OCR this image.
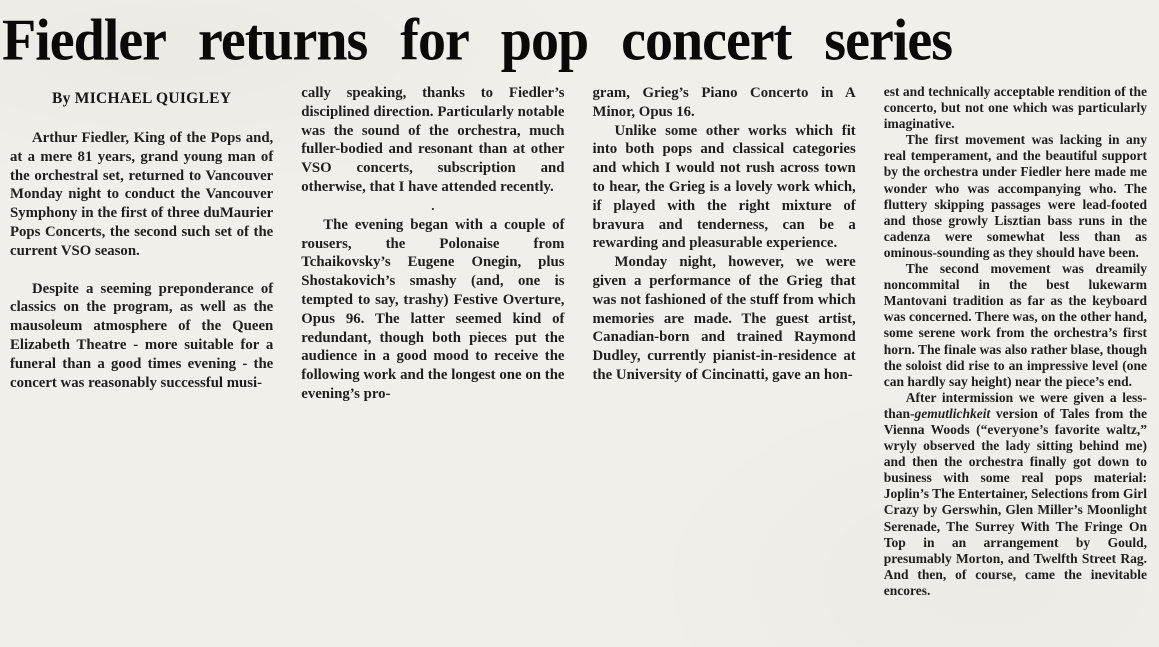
Fiedler returns for pop concert series
By MICHAEL QUIGLEY

Arthur Fiedler, King of the Pops and, at a mere 81 years, grand young man of the orchestral set, returned to Vancouver Monday night to conduct the Vancouver Symphony in the first of three duMaurier Pops Concerts, the second such set of the current VSO season.

Despite a seeming preponderance of classics on the program, as well as the mausoleum atmosphere of the Queen Elizabeth Theatre - more suitable for a funeral than a good times evening - the concert was reasonably successful musi-

cally speaking, thanks to Fiedler’s disciplined direction. Particularly notable was the sound of the orchestra, much fuller-bodied and resonant than at other VSO concerts, subscription and otherwise, that I have attended recently.

.

The evening began with a couple of rousers, the Polonaise from Tchaikovsky’s Eugene Onegin, plus Shostakovich’s smashy (and, one is tempted to say, trashy) Festive Overture, Opus 96. The latter seemed kind of redundant, though both pieces put the audience in a good mood to receive the following work and the longest one on the evening’s pro-

gram, Grieg’s Piano Concerto in A Minor, Opus 16.

Unlike some other works which fit into both pops and classical categories and which I would not rush across town to hear, the Grieg is a lovely work which, if played with the right mixture of bravura and tenderness, can be a rewarding and pleasurable experience.

Monday night, however, we were given a performance of the Grieg that was not fashioned of the stuff from which memories are made. The guest artist, Canadian-born and trained Raymond Dudley, currently pianist-in-residence at the University of Cincinatti, gave an hon-

est and technically acceptable rendition of the concerto, but not one which was particularly imaginative.

The first movement was lacking in any real temperament, and the beautiful support by the orchestra under Fiedler here made me wonder who was accompanying who. The fluttery skipping passages were lead-footed and those growly Lisztian bass runs in the cadenza were somewhat less than as ominous-sounding as they should have been.

The second movement was dreamily noncommital in the best lukewarm Mantovani tradition as far as the keyboard was concerned. There was, on the other hand, some serene work from the orchestra’s first horn. The finale was also rather blase, though the soloist did rise to an impressive level (one can hardly say height) near the piece’s end.

After intermission we were given a less-than-gemutlichkeit version of Tales from the Vienna Woods (“everyone’s favorite waltz,” wryly observed the lady sitting behind me) and then the orchestra finally got down to business with some real pops material: Joplin’s The Entertainer, Selections from Girl Crazy by Gerswhin, Glen Miller’s Moonlight Serenade, The Surrey With The Fringe On Top in an arrangement by Gould, presumably Morton, and Twelfth Street Rag. And then, of course, came the inevitable encores.
